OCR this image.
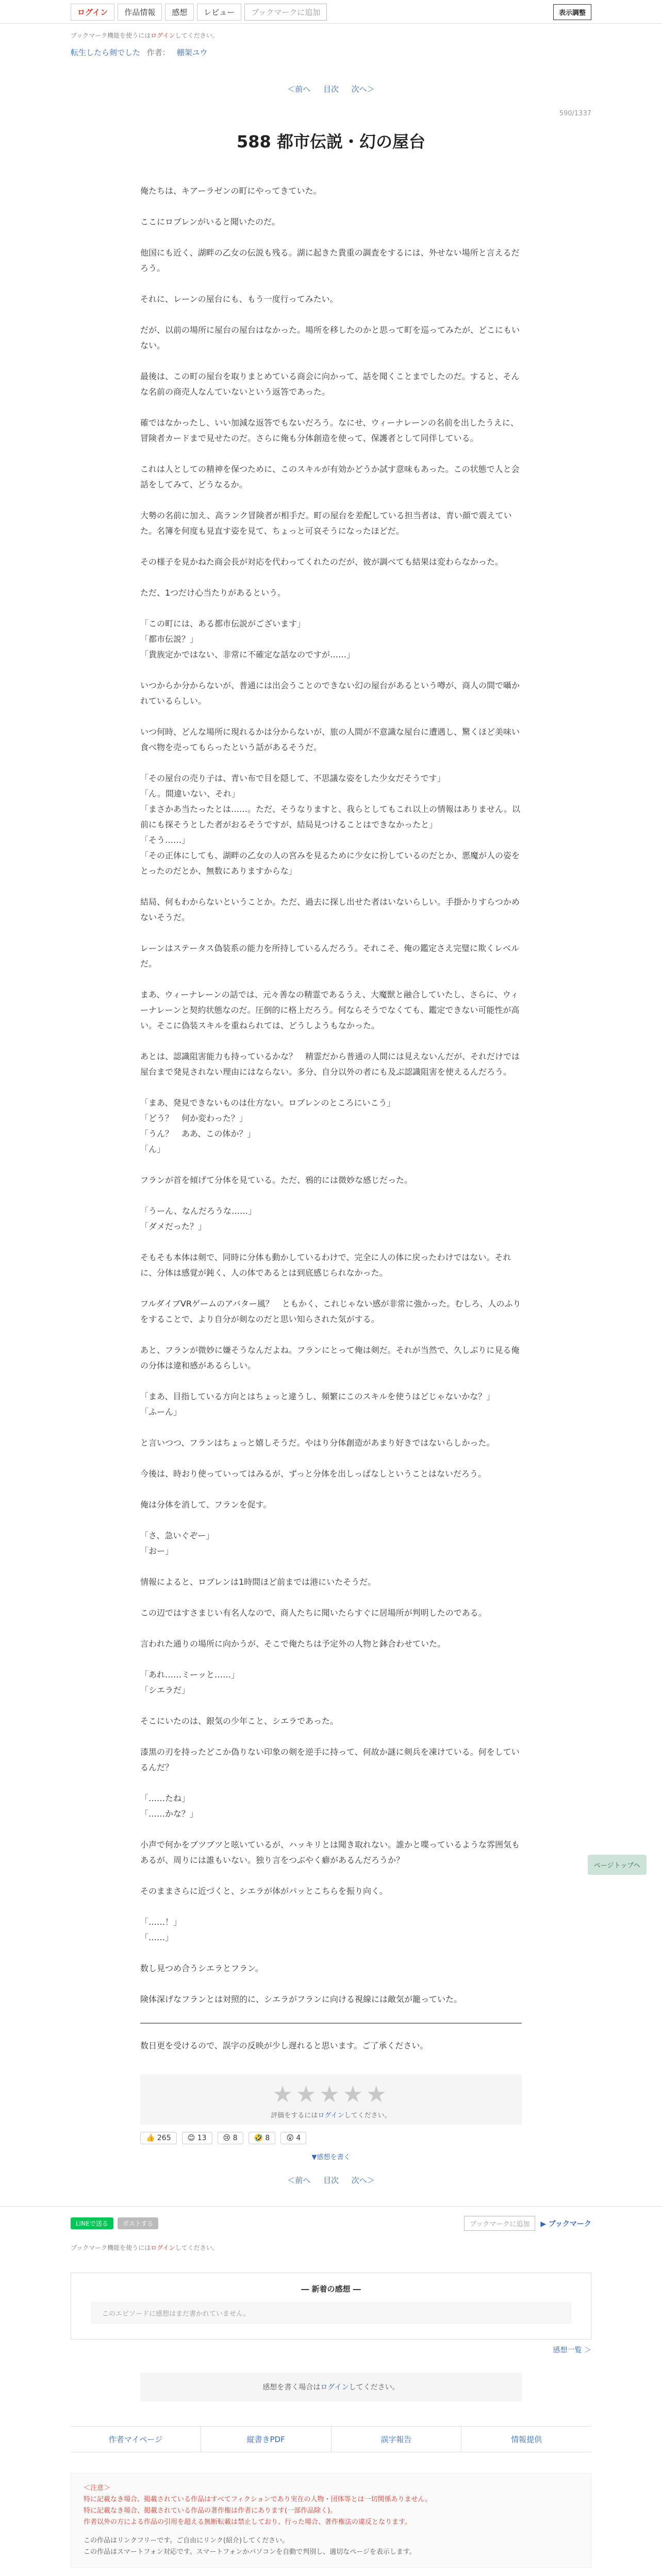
ログイン	作品情報	感想	レビュー	ブックマークに追加	表示調整
ブックマーク機能を使うにはログインしてください。
転生したら剣でした 作者： 棚架ユウ
＜前へ 目次 次へ＞
590/1337
588 都市伝説・幻の屋台

俺たちは、キアーラゼンの町にやってきていた。

ここにロブレンがいると聞いたのだ。

他国にも近く、湖畔の乙女の伝説も残る。湖に起きた貴重の調査をするには、外せない場所と言えるだろう。

それに、レーンの屋台にも、もう一度行ってみたい。

だが、以前の場所に屋台の屋台はなかった。場所を移したのかと思って町を巡ってみたが、どこにもいない。

最後は、この町の屋台を取りまとめている商会に向かって、話を聞くことまでしたのだ。すると、そんな名前の商売人なんていないという返答であった。

確ではなかったし、いい加減な返答でもないだろう。なにせ、ウィーナレーンの名前を出したうえに、冒険者カードまで見せたのだ。さらに俺も分体創造を使って、保護者として同伴している。

これは人としての精神を保つために、このスキルが有効かどうか試す意味もあった。この状態で人と会話をしてみて、どうなるか。

大勢の名前に加え、高ランク冒険者が相手だ。町の屋台を差配している担当者は、青い顔で震えていた。名簿を何度も見直す姿を見て、ちょっと可哀そうになったほどだ。

その様子を見かねた商会長が対応を代わってくれたのだが、彼が調べても結果は変わらなかった。

ただ、1つだけ心当たりがあるという。

「この町には、ある都市伝説がございます」
「都市伝説？」
「貴族定かではない、非常に不確定な話なのですが……」

いつからか分からないが、普通には出会うことのできない幻の屋台があるという噂が、商人の間で囁かれているらしい。

いつ何時、どんな場所に現れるかは分からないが、旅の人間が不意識な屋台に遭遇し、驚くほど美味い食べ物を売ってもらったという話があるそうだ。

「その屋台の売り子は、青い布で目を隠して、不思議な姿をした少女だそうです」
「ん。間違いない、それ」
「まさかあ当たったとは……。ただ、そうなりますと、我らとしてもこれ以上の情報はありません。以前にも探そうとした者がおるそうですが、結局見つけることはできなかったと」
「そう……」
「その正体にしても、湖畔の乙女の人の宮みを見るために少女に扮しているのだとか、悪魔が人の姿をとったのだとか、無数にありますからな」

結局、何もわからないということか。ただ、過去に探し出せた者はいないらしい。手掛かりすらつかめないそうだ。

レーンはステータス偽装系の能力を所持しているんだろう。それこそ、俺の鑑定さえ完璧に欺くレベルだ。

まあ、ウィーナレーンの話では、元々善なの精霊であるうえ、大魔獣と融合していたし、さらに、ウィーナレーンと契約状態なのだ。圧倒的に格上だろう。何ならそうでなくても、鑑定できない可能性が高い。そこに偽装スキルを重ねられては、どうしようもなかった。

あとは、認識阻害能力も持っているかな？　精霊だから普通の人間には見えないんだが、それだけでは屋台まで発見されない理由にはならない。多分、自分以外の者にも及ぶ認識阻害を使えるんだろう。

「まあ、発見できないものは仕方ない。ロブレンのところにいこう」
「どう？　何か変わった？」
「うん？　ああ、この体か？」
「ん」

フランが首を傾げて分体を見ている。ただ、鴉的には微妙な感じだった。

「うーん、なんだろうな……」
「ダメだった？」

そもそも本体は剣で、同時に分体も動かしているわけで、完全に人の体に戻ったわけではない。それに、分体は感覚が鈍く、人の体であるとは到底感じられなかった。

フルダイブVRゲームのアバター風？　ともかく、これじゃない感が非常に強かった。むしろ、人のふりをすることで、より自分が剣なのだと思い知らされた気がする。

あと、フランが微妙に嫌そうなんだよね。フランにとって俺は剣だ。それが当然で、久しぶりに見る俺の分体は違和感があるらしい。

「まあ、目指している方向とはちょっと違うし、頻繁にこのスキルを使うはどじゃないかな？」
「ふーん」

と言いつつ、フランはちょっと嬉しそうだ。やはり分体創造があまり好きではないらしかった。

今後は、時おり使っていってはみるが、ずっと分体を出しっぱなしということはないだろう。

俺は分体を消して、フランを促す。

「さ、急いぐぞー」
「おー」

情報によると、ロブレンは1時間ほど前までは港にいたそうだ。

この辺ではすさまじい有名人なので、商人たちに聞いたらすぐに居場所が判明したのである。

言われた通りの場所に向かうが、そこで俺たちは予定外の人物と鉢合わせていた。

「あれ……ミーッと……」
「シエラだ」

そこにいたのは、銀気の少年こと、シエラであった。

漆黒の刃を持ったどこか偽りない印象の剣を逆手に持って、何故か謎に剣兵を凍けている。何をしているんだ？

「……たね」
「……かな？」

小声で何かをブツブツと呟いているが、ハッキリとは聞き取れない。誰かと喋っているような雰囲気もあるが、周りには誰もいない。独り言をつぶやく癖があるんだろうか？

そのままさらに近づくと、シエラが体がパッとこちらを振り向く。

「……！」
「……」

数し見つめ合うシエラとフラン。

険体深げなフランとは対照的に、シエラがフランに向ける視線には敵気が籠っていた。

数日更を受けるので、誤字の反映が少し遅れると思います。ご了承ください。
★★★★★
評価をするにはログインしてください。
👍 265	😊 13	😢 8	🤣 8	😲 4
▼感想を書く
＜前へ 目次 次へ＞
LINEで送る	ポストする	ブックマークに追加	▶ ブックマーク
ブックマーク機能を使うにはログインしてください。
― 新着の感想 ―
このエピソードに感想はまだ書かれていません。
感想一覧 ＞
感想を書く場合はログインしてください。
作者マイページ	縦書きPDF	誤字報告	情報提供
＜注意＞
特に記載なき場合、掲載されている作品はすべてフィクションであり実在の人物・団体等とは一切関係ありません。
特に記載なき場合、掲載されている作品の著作権は作者にあります(一部作品除く)。
作者以外の方による作品の引用を超える無断転載は禁止しており、行った場合、著作権法の違反となります。
この作品はリンクフリーです。ご自由にリンク(紹介)してください。
この作品はスマートフォン対応です。スマートフォンかパソコンを自動で判別し、適切なページを表示します。
ページトップへ
